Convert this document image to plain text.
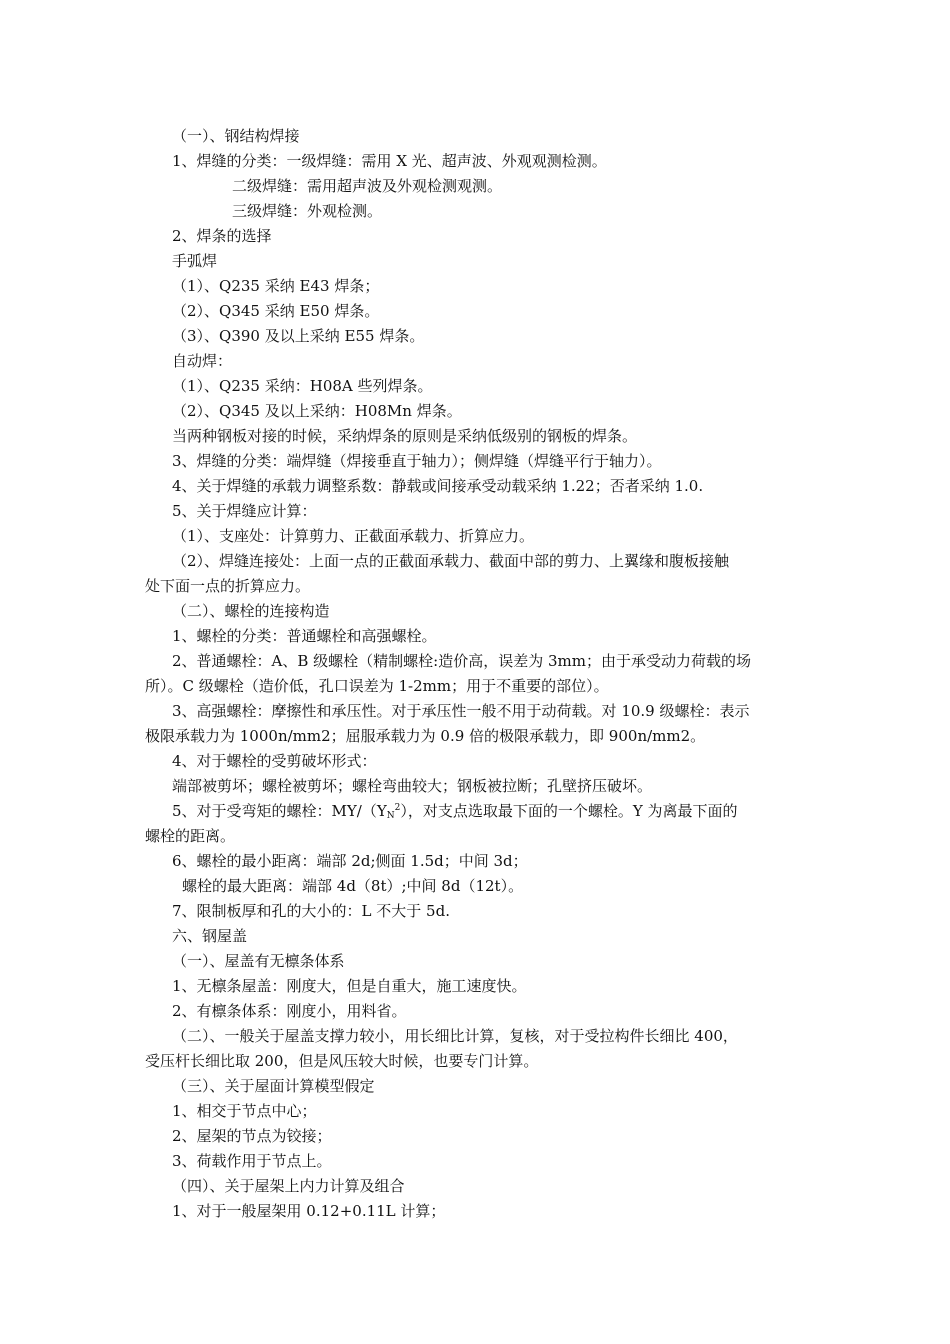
（一）、钢结构焊接
1、焊缝的分类：一级焊缝：需用 X 光、超声波、外观观测检测。
二级焊缝：需用超声波及外观检测观测。
三级焊缝：外观检测。
2、焊条的选择
手弧焊
（1）、Q235 采纳 E43 焊条；
（2）、Q345 采纳 E50 焊条。
（3）、Q390 及以上采纳 E55 焊条。
自动焊：
（1）、Q235 采纳：H08A 些列焊条。
（2）、Q345 及以上采纳：H08Mn 焊条。
当两种钢板对接的时候，采纳焊条的原则是采纳低级别的钢板的焊条。
3、焊缝的分类：端焊缝（焊接垂直于轴力）；侧焊缝（焊缝平行于轴力）。
4、关于焊缝的承载力调整系数：静载或间接承受动载采纳 1.22；否者采纳 1.0.
5、关于焊缝应计算：
（1）、支座处：计算剪力、正截面承载力、折算应力。
（2）、焊缝连接处：上面一点的正截面承载力、截面中部的剪力、上翼缘和腹板接触
处下面一点的折算应力。
（二）、螺栓的连接构造
1、螺栓的分类：普通螺栓和高强螺栓。
2、普通螺栓：A、B 级螺栓（精制螺栓:造价高，误差为 3mm；由于承受动力荷载的场
所）。C 级螺栓（造价低，孔口误差为 1-2mm；用于不重要的部位）。
3、高强螺栓：摩擦性和承压性。对于承压性一般不用于动荷载。对 10.9 级螺栓：表示
极限承载力为 1000n/mm2；屈服承载力为 0.9 倍的极限承载力，即 900n/mm2。
4、对于螺栓的受剪破坏形式：
端部被剪坏；螺栓被剪坏；螺栓弯曲较大；钢板被拉断；孔壁挤压破坏。
5、对于受弯矩的螺栓：$MY/(Y_N^2)$，对支点选取最下面的一个螺栓。Y 为离最下面的
螺栓的距离。
6、螺栓的最小距离：端部 2d;侧面 1.5d；中间 3d；
螺栓的最大距离：端部 4d（8t）;中间 8d（12t）。
7、限制板厚和孔的大小的：L 不大于 5d.
六、钢屋盖
（一）、屋盖有无檩条体系
1、无檩条屋盖：刚度大，但是自重大，施工速度快。
2、有檩条体系：刚度小，用料省。
（二）、一般关于屋盖支撑力较小，用长细比计算，复核，对于受拉构件长细比 400，
受压杆长细比取 200，但是风压较大时候，也要专门计算。
（三）、关于屋面计算模型假定
1、相交于节点中心；
2、屋架的节点为铰接；
3、荷载作用于节点上。
（四）、关于屋架上内力计算及组合
1、对于一般屋架用 0.12+0.11L 计算；
